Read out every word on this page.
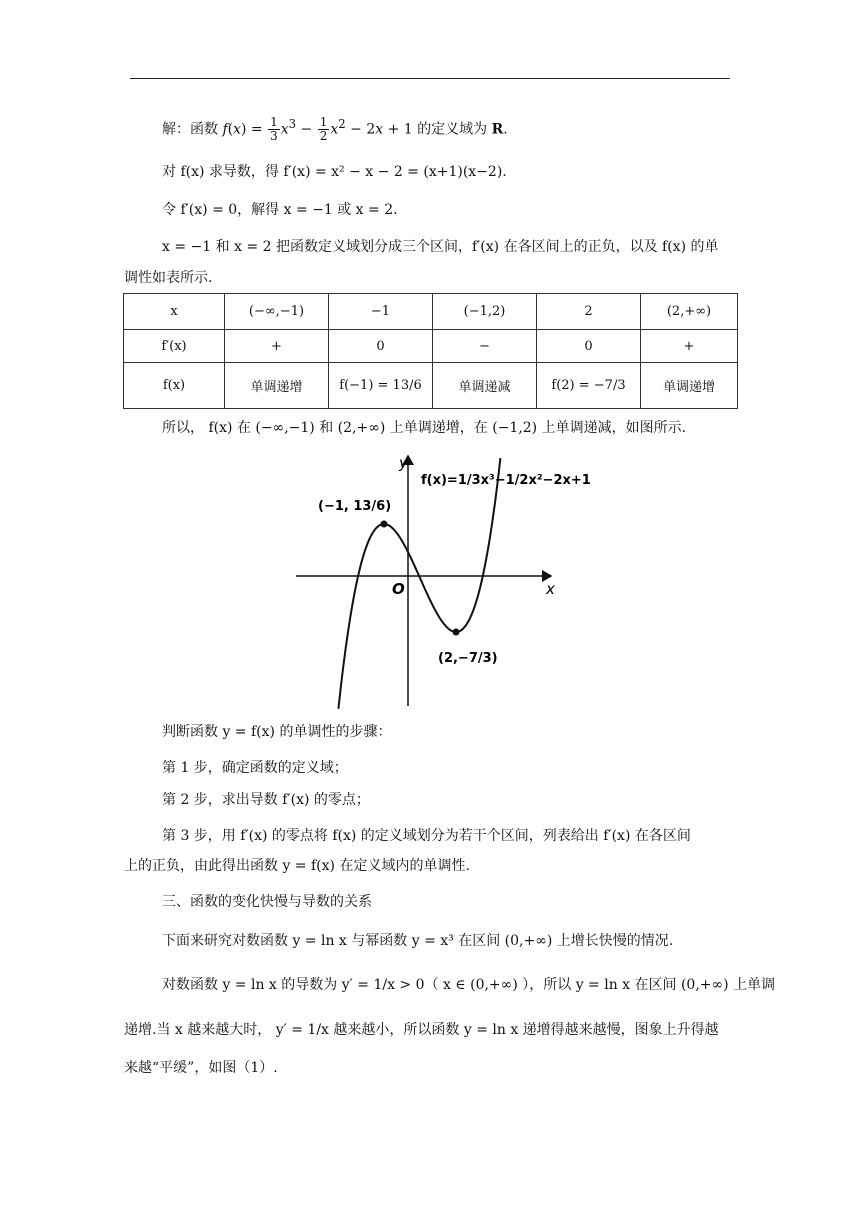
解：函数 $f(x) = \frac{1}{3} x^3 - \frac{1}{2} x^2 - 2x + 1$ 的定义域为 R.
对 f(x) 求导数，得 f′(x) = x² − x − 2 = (x+1)(x−2).
令 f′(x) = 0，解得 x = −1 或 x = 2.
x = −1 和 x = 2 把函数定义域划分成三个区间，f′(x) 在各区间上的正负，以及 f(x) 的单
调性如表所示.
x	(−∞,−1)	−1	(−1,2)	2	(2,+∞)
f′(x)	+	0	−	0	+
f(x)	单调递增	f(−1) = 13/6	单调递减	f(2) = −7/3	单调递增
所以， f(x) 在 (−∞,−1) 和 (2,+∞) 上单调递增，在 (−1,2) 上单调递减，如图所示.
y
x
O
f(x)=1/3x³−1/2x²−2x+1
(−1, 13/6)
(2,−7/3)
判断函数 y = f(x) 的单调性的步骤：
第 1 步，确定函数的定义域；
第 2 步，求出导数 f′(x) 的零点；
第 3 步，用 f′(x) 的零点将 f(x) 的定义域划分为若干个区间，列表给出 f′(x) 在各区间
上的正负，由此得出函数 y = f(x) 在定义域内的单调性.
三、函数的变化快慢与导数的关系
下面来研究对数函数 y = ln x 与幂函数 y = x³ 在区间 (0,+∞) 上增长快慢的情况.
对数函数 y = ln x 的导数为 y′ = 1/x > 0（ x ∈ (0,+∞) ），所以 y = ln x 在区间 (0,+∞) 上单调
递增.当 x 越来越大时， y′ = 1/x 越来越小，所以函数 y = ln x 递增得越来越慢，图象上升得越
来越“平缓”，如图（1）.
